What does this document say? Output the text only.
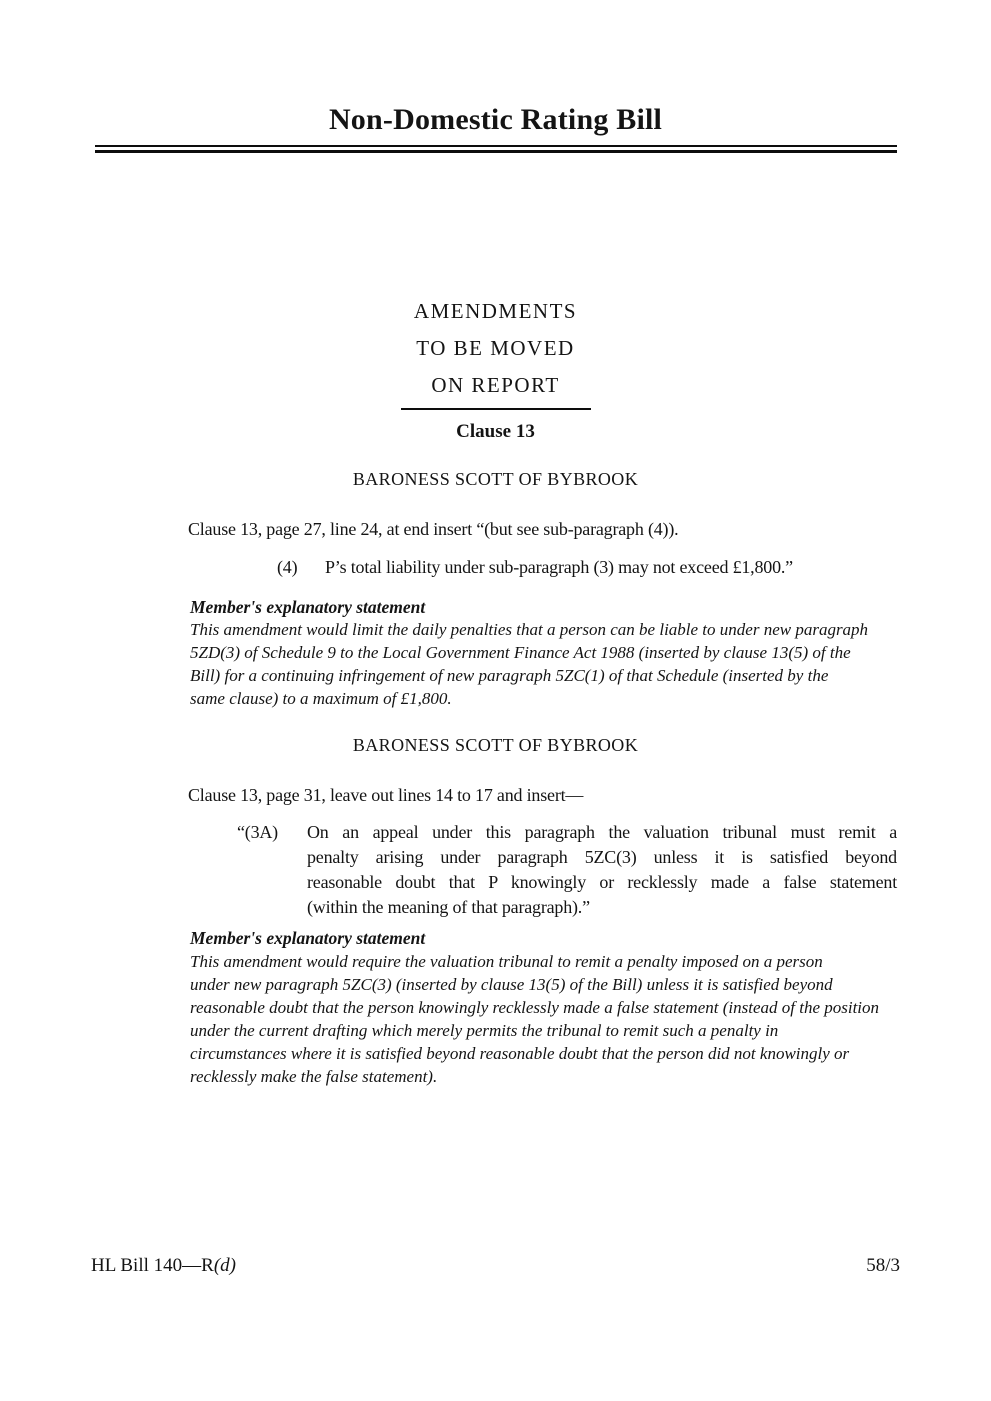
Non-Domestic Rating Bill
AMENDMENTS
TO BE MOVED
ON REPORT
Clause 13
BARONESS SCOTT OF BYBROOK
Clause 13, page 27, line 24, at end insert “(but see sub-paragraph (4)).
(4)	P’s total liability under sub-paragraph (3) may not exceed £1,800.”
Member's explanatory statement
This amendment would limit the daily penalties that a person can be liable to under new paragraph
5ZD(3) of Schedule 9 to the Local Government Finance Act 1988 (inserted by clause 13(5) of the
Bill) for a continuing infringement of new paragraph 5ZC(1) of that Schedule (inserted by the
same clause) to a maximum of £1,800.
BARONESS SCOTT OF BYBROOK
Clause 13, page 31, leave out lines 14 to 17 and insert—
“(3A)	On an appeal under this paragraph the valuation tribunal must remit a
penalty arising under paragraph 5ZC(3) unless it is satisfied beyond
reasonable doubt that P knowingly or recklessly made a false statement
(within the meaning of that paragraph).”
Member's explanatory statement
This amendment would require the valuation tribunal to remit a penalty imposed on a person
under new paragraph 5ZC(3) (inserted by clause 13(5) of the Bill) unless it is satisfied beyond
reasonable doubt that the person knowingly recklessly made a false statement (instead of the position
under the current drafting which merely permits the tribunal to remit such a penalty in
circumstances where it is satisfied beyond reasonable doubt that the person did not knowingly or
recklessly make the false statement).
HL Bill 140—R(d)	58/3
